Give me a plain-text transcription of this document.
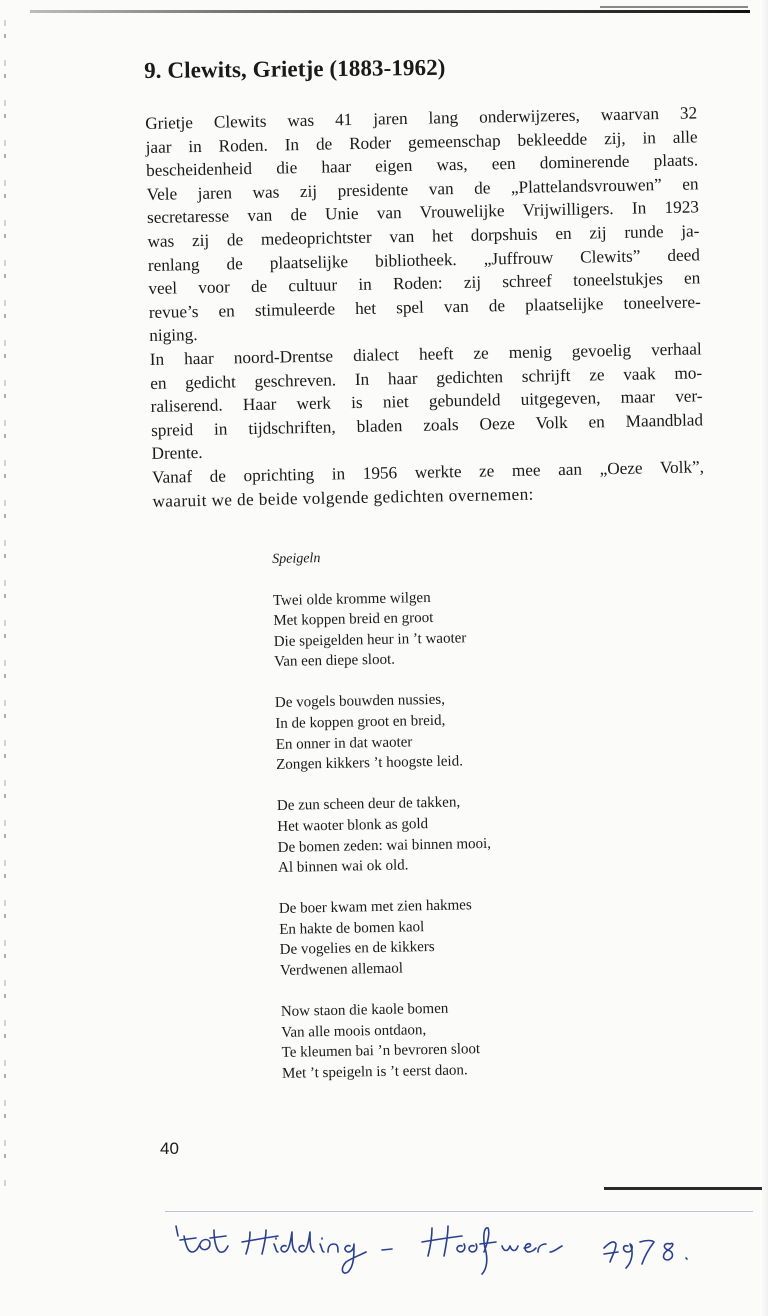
9. Clewits, Grietje (1883-1962)
Grietje Clewits was 41 jaren lang onderwijzeres, waarvan 32
jaar in Roden. In de Roder gemeenschap bekleedde zij, in alle
bescheidenheid die haar eigen was, een dominerende plaats.
Vele jaren was zij presidente van de „Plattelandsvrouwen” en
secretaresse van de Unie van Vrouwelijke Vrijwilligers. In 1923
was zij de medeoprichtster van het dorpshuis en zij runde ja-
renlang de plaatselijke bibliotheek. „Juffrouw Clewits” deed
veel voor de cultuur in Roden: zij schreef toneelstukjes en
revue’s en stimuleerde het spel van de plaatselijke toneelvere-
niging.
In haar noord-Drentse dialect heeft ze menig gevoelig verhaal
en gedicht geschreven. In haar gedichten schrijft ze vaak mo-
raliserend. Haar werk is niet gebundeld uitgegeven, maar ver-
spreid in tijdschriften, bladen zoals Oeze Volk en Maandblad
Drente.
Vanaf de oprichting in 1956 werkte ze mee aan „Oeze Volk”,
waaruit we de beide volgende gedichten overnemen:
Speigeln
Twei olde kromme wilgen
Met koppen breid en groot
Die speigelden heur in ’t waoter
Van een diepe sloot.
De vogels bouwden nussies,
In de koppen groot en breid,
En onner in dat waoter
Zongen kikkers ’t hoogste leid.
De zun scheen deur de takken,
Het waoter blonk as gold
De bomen zeden: wai binnen mooi,
Al binnen wai ok old.
De boer kwam met zien hakmes
En hakte de bomen kaol
De vogelies en de kikkers
Verdwenen allemaol
Now staon die kaole bomen
Van alle moois ontdaon,
Te kleumen bai ’n bevroren sloot
Met ’t speigeln is ’t eerst daon.
40
